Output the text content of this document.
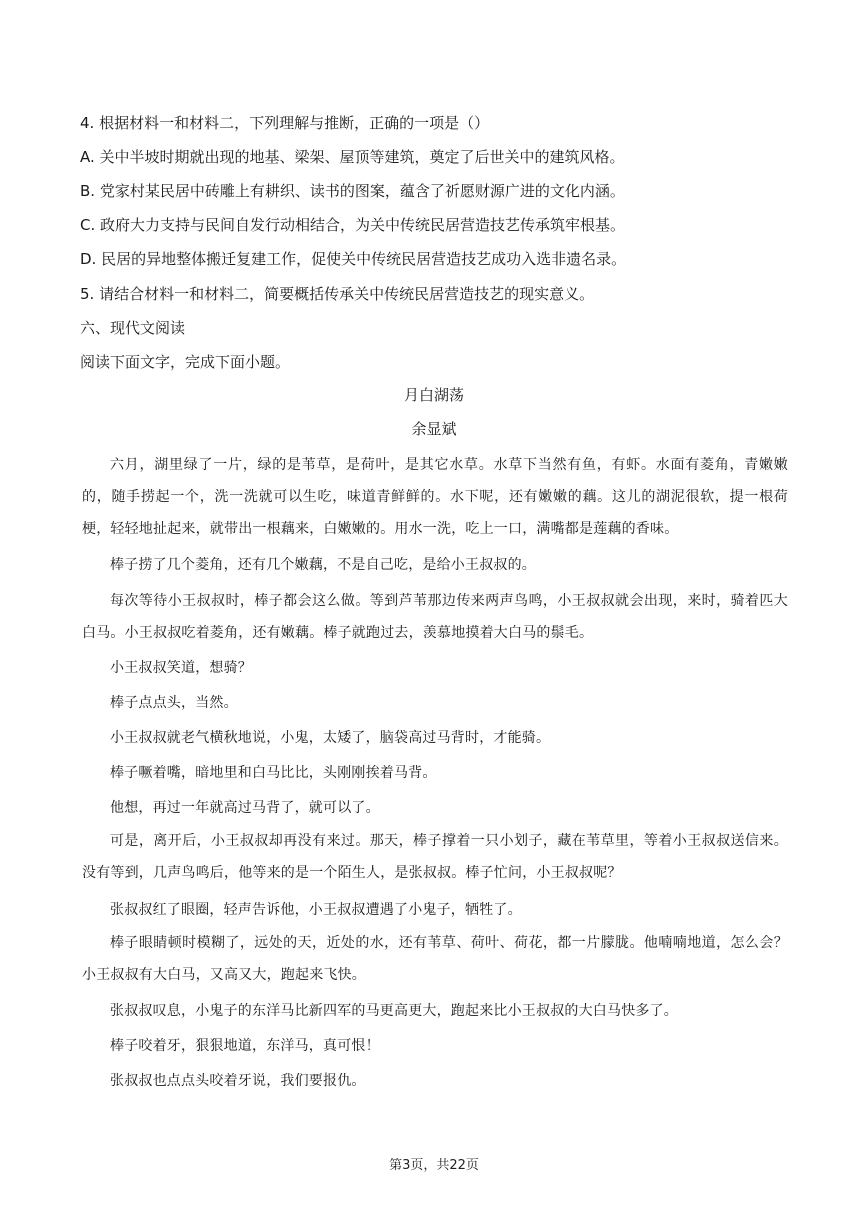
4. 根据材料一和材料二，下列理解与推断，正确的一项是（）
A. 关中半坡时期就出现的地基、梁架、屋顶等建筑，奠定了后世关中的建筑风格。
B. 党家村某民居中砖雕上有耕织、读书的图案，蕴含了祈愿财源广进的文化内涵。
C. 政府大力支持与民间自发行动相结合，为关中传统民居营造技艺传承筑牢根基。
D. 民居的异地整体搬迁复建工作，促使关中传统民居营造技艺成功入选非遗名录。
5. 请结合材料一和材料二，简要概括传承关中传统民居营造技艺的现实意义。
六、现代文阅读
阅读下面文字，完成下面小题。
月白湖荡
余显斌
六月，湖里绿了一片，绿的是苇草，是荷叶，是其它水草。水草下当然有鱼，有虾。水面有菱角，青嫩嫩的，随手捞起一个，洗一洗就可以生吃，味道青鲜鲜的。水下呢，还有嫩嫩的藕。这儿的湖泥很软，提一根荷梗，轻轻地扯起来，就带出一根藕来，白嫩嫩的。用水一洗，吃上一口，满嘴都是莲藕的香味。
棒子捞了几个菱角，还有几个嫩藕，不是自己吃，是给小王叔叔的。
每次等待小王叔叔时，棒子都会这么做。等到芦苇那边传来两声鸟鸣，小王叔叔就会出现，来时，骑着匹大白马。小王叔叔吃着菱角，还有嫩藕。棒子就跑过去，羡慕地摸着大白马的鬃毛。
小王叔叔笑道，想骑？
棒子点点头，当然。
小王叔叔就老气横秋地说，小鬼，太矮了，脑袋高过马背时，才能骑。
棒子噘着嘴，暗地里和白马比比，头刚刚挨着马背。
他想，再过一年就高过马背了，就可以了。
可是，离开后，小王叔叔却再没有来过。那天，棒子撑着一只小划子，藏在苇草里，等着小王叔叔送信来。没有等到，几声鸟鸣后，他等来的是一个陌生人，是张叔叔。棒子忙问，小王叔叔呢？
张叔叔红了眼圈，轻声告诉他，小王叔叔遭遇了小鬼子，牺牲了。
棒子眼睛顿时模糊了，远处的天，近处的水，还有苇草、荷叶、荷花，都一片朦胧。他喃喃地道，怎么会？小王叔叔有大白马，又高又大，跑起来飞快。
张叔叔叹息，小鬼子的东洋马比新四军的马更高更大，跑起来比小王叔叔的大白马快多了。
棒子咬着牙，狠狠地道，东洋马，真可恨！
张叔叔也点点头咬着牙说，我们要报仇。
第3页，共22页
